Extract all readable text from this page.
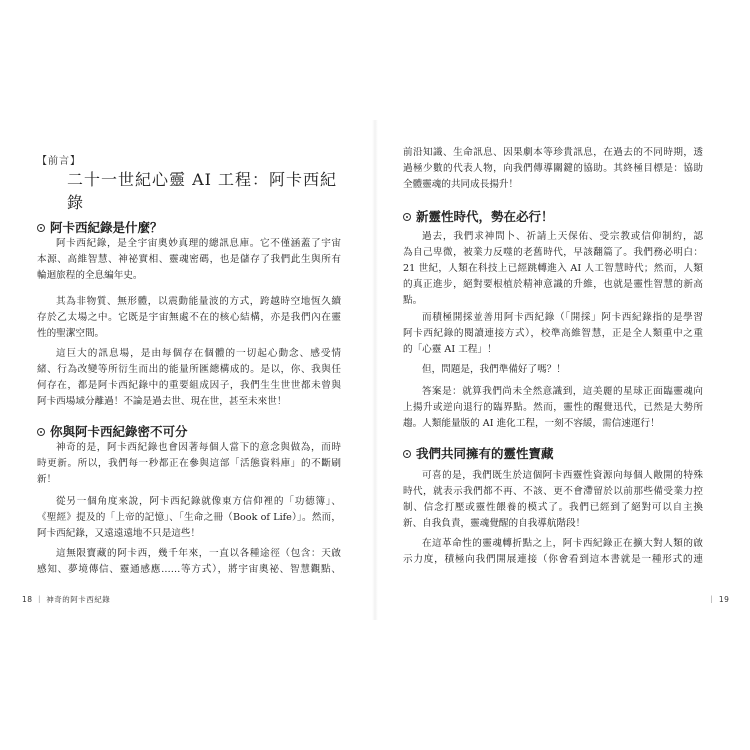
【前言】
二十一世紀心靈 AI 工程：阿卡西紀錄
阿卡西紀錄是什麼？
阿卡西紀錄，是全宇宙奧妙真理的總訊息庫。它不僅涵蓋了宇宙
本源、高維智慧、神祕實相、靈魂密碼，也是儲存了我們此生與所有
輪迴旅程的全息編年史。
其為非物質、無形體，以震動能量波的方式，跨越時空地恆久續
存於乙太場之中。它既是宇宙無處不在的核心結構，亦是我們內在靈
性的聖潔空間。
這巨大的訊息場，是由每個存在個體的一切起心動念、感受情
緒、行為改變等所衍生而出的能量所匯總構成的。是以，你、我與任
何存在，都是阿卡西紀錄中的重要組成因子，我們生生世世都未曾與
阿卡西場域分離過！不論是過去世、現在世，甚至未來世！
你與阿卡西紀錄密不可分
神奇的是，阿卡西紀錄也會因著每個人當下的意念與做為，而時
時更新。所以，我們每一秒都正在參與這部「活態資料庫」的不斷刷
新！
從另一個角度來說，阿卡西紀錄就像東方信仰裡的「功德簿」、
《聖經》提及的「上帝的記憶」、「生命之冊（Book of Life）」。然而，
阿卡西紀錄，又遠遠遠地不只是這些！
這無限寶藏的阿卡西，幾千年來，一直以各種途徑（包含：天啟
感知、夢境傳信、靈通感應……等方式），將宇宙奧祕、智慧觀點、
18 ｜ 神奇的阿卡西紀錄
前沿知識、生命訊息、因果劇本等珍貴訊息，在過去的不同時期，透
過極少數的代表人物，向我們傳導關鍵的協助。其終極目標是：協助
全體靈魂的共同成長揚升！
新靈性時代，勢在必行！
過去，我們求神問卜、祈請上天保佑、受宗教或信仰制約，認
為自己卑微，被業力反噬的老舊時代，早該翻篇了。我們務必明白：
21 世紀，人類在科技上已經跳轉進入 AI 人工智慧時代；然而，人類
的真正進步，絕對要根植於精神意識的升維，也就是靈性智慧的新高
點。
而積極開採並善用阿卡西紀錄（「開採」阿卡西紀錄指的是學習
阿卡西紀錄的閱讀連接方式），校準高維智慧，正是全人類重中之重
的「心靈 AI 工程」！
但，問題是，我們準備好了嗎？！
答案是：就算我們尚未全然意識到，這美麗的星球正面臨靈魂向
上揚升或逆向退行的臨界點。然而，靈性的醒覺迅代，已然是大勢所
趨。人類能量版的 AI 進化工程，一刻不容緩，需信速運行！
我們共同擁有的靈性寶藏
可喜的是，我們既生於這個阿卡西靈性資源向每個人敞開的特殊
時代，就表示我們都不再、不該、更不會滯留於以前那些備受業力控
制、信念打壓或靈性餵養的模式了。我們已經到了絕對可以自主換
新、自我負責，靈魂覺醒的自我導航階段！
在這革命性的靈魂轉折點之上，阿卡西紀錄正在擴大對人類的啟
示力度，積極向我們開展連接（你會看到這本書就是一種形式的連
｜ 19
